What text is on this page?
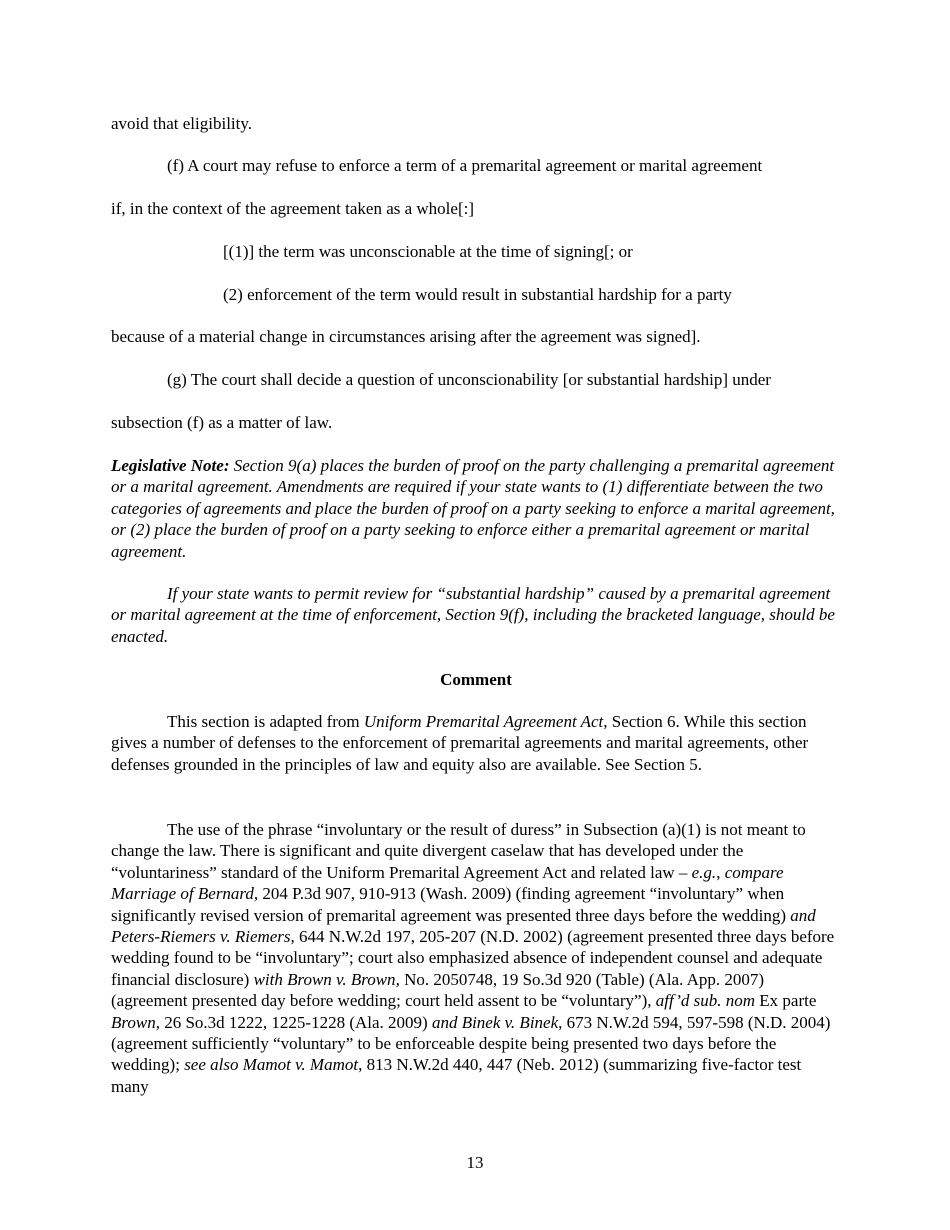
avoid that eligibility.
(f) A court may refuse to enforce a term of a premarital agreement or marital agreement
if, in the context of the agreement taken as a whole[:]
[(1)] the term was unconscionable at the time of signing[; or
(2) enforcement of the term would result in substantial hardship for a party
because of a material change in circumstances arising after the agreement was signed].
(g) The court shall decide a question of unconscionability [or substantial hardship] under
subsection (f) as a matter of law.

Legislative Note: Section 9(a) places the burden of proof on the party challenging a premarital agreement or a marital agreement. Amendments are required if your state wants to (1) differentiate between the two categories of agreements and place the burden of proof on a party seeking to enforce a marital agreement, or (2) place the burden of proof on a party seeking to enforce either a premarital agreement or marital agreement.

If your state wants to permit review for “substantial hardship” caused by a premarital agreement or marital agreement at the time of enforcement, Section 9(f), including the bracketed language, should be enacted.

Comment

This section is adapted from Uniform Premarital Agreement Act, Section 6. While this section gives a number of defenses to the enforcement of premarital agreements and marital agreements, other defenses grounded in the principles of law and equity also are available. See Section 5.

The use of the phrase “involuntary or the result of duress” in Subsection (a)(1) is not meant to change the law. There is significant and quite divergent caselaw that has developed under the “voluntariness” standard of the Uniform Premarital Agreement Act and related law – e.g., compare Marriage of Bernard, 204 P.3d 907, 910-913 (Wash. 2009) (finding agreement “involuntary” when significantly revised version of premarital agreement was presented three days before the wedding) and Peters-Riemers v. Riemers, 644 N.W.2d 197, 205-207 (N.D. 2002) (agreement presented three days before wedding found to be “involuntary”; court also emphasized absence of independent counsel and adequate financial disclosure) with Brown v. Brown, No. 2050748, 19 So.3d 920 (Table) (Ala. App. 2007) (agreement presented day before wedding; court held assent to be “voluntary”), aff’d sub. nom Ex parte Brown, 26 So.3d 1222, 1225-1228 (Ala. 2009) and Binek v. Binek, 673 N.W.2d 594, 597-598 (N.D. 2004) (agreement sufficiently “voluntary” to be enforceable despite being presented two days before the wedding); see also Mamot v. Mamot, 813 N.W.2d 440, 447 (Neb. 2012) (summarizing five-factor test many

13
